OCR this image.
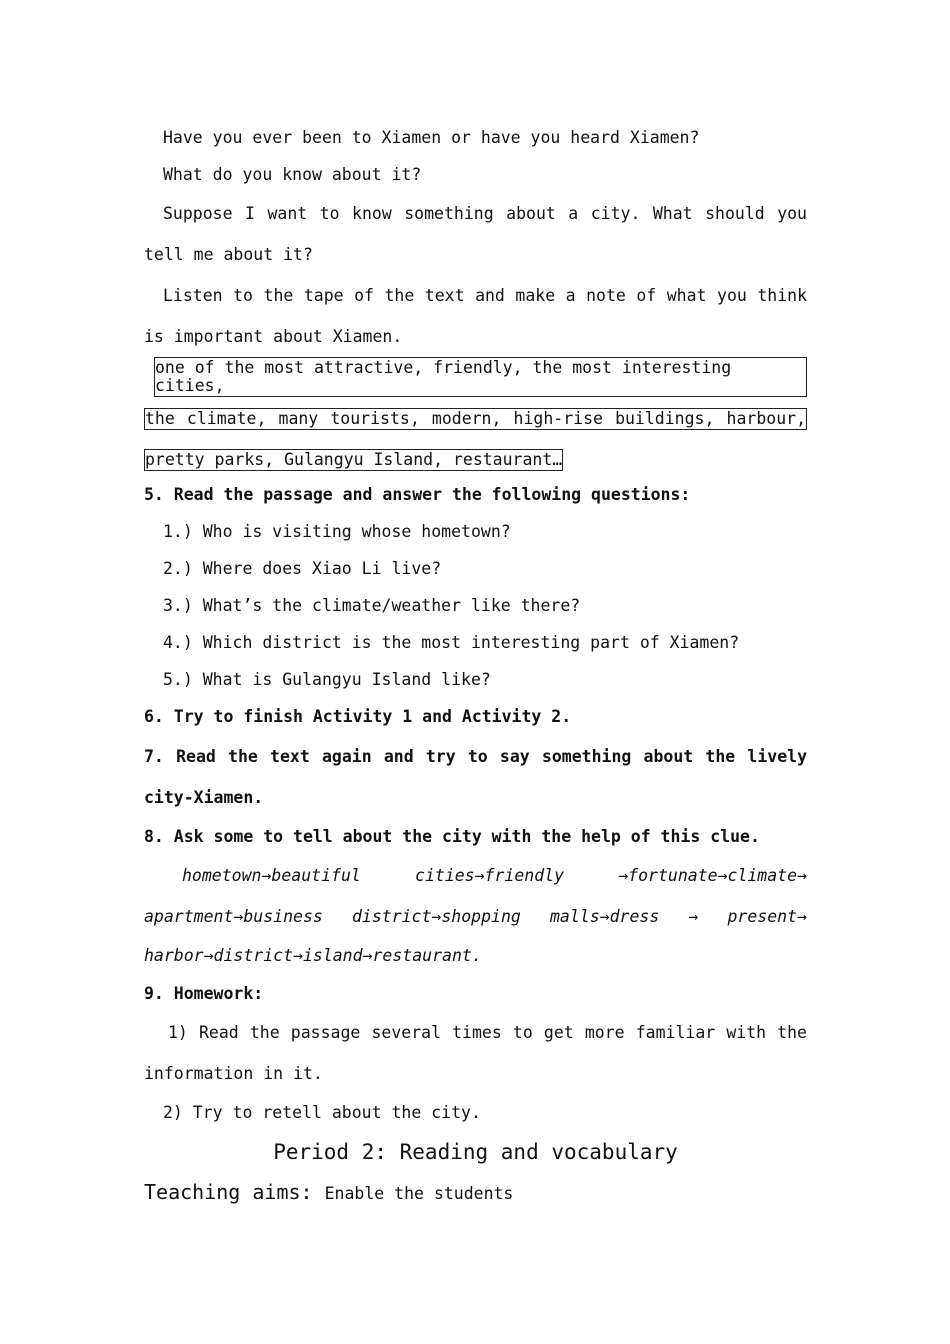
Have you ever been to Xiamen or have you heard Xiamen?

What do you know about it?

Suppose I want to know something about a city. What should you tell me about it?

Listen to the tape of the text and make a note of what you think is important about Xiamen.

one of the most attractive, friendly, the most interesting cities,
the climate, many tourists, modern, high-rise buildings, harbour,
pretty parks, Gulangyu Island, restaurant…

5. Read the passage and answer the following questions:

1.) Who is visiting whose hometown?

2.) Where does Xiao Li live?

3.) What’s the climate/weather like there?

4.) Which district is the most interesting part of Xiamen?

5.) What is Gulangyu Island like?

6. Try to finish Activity 1 and Activity 2.

7. Read the text again and try to say something about the lively city-Xiamen.

8. Ask some to tell about the city with the help of this clue.

hometown→beautiful	cities→friendly	→fortunate→climate→
apartment→business district→shopping malls→dress → present→

harbor→district→island→restaurant.

9. Homework:

1) Read the passage several times to get more familiar with the information in it.

2) Try to retell about the city.

Period 2: Reading and vocabulary

Teaching aims: Enable the students
